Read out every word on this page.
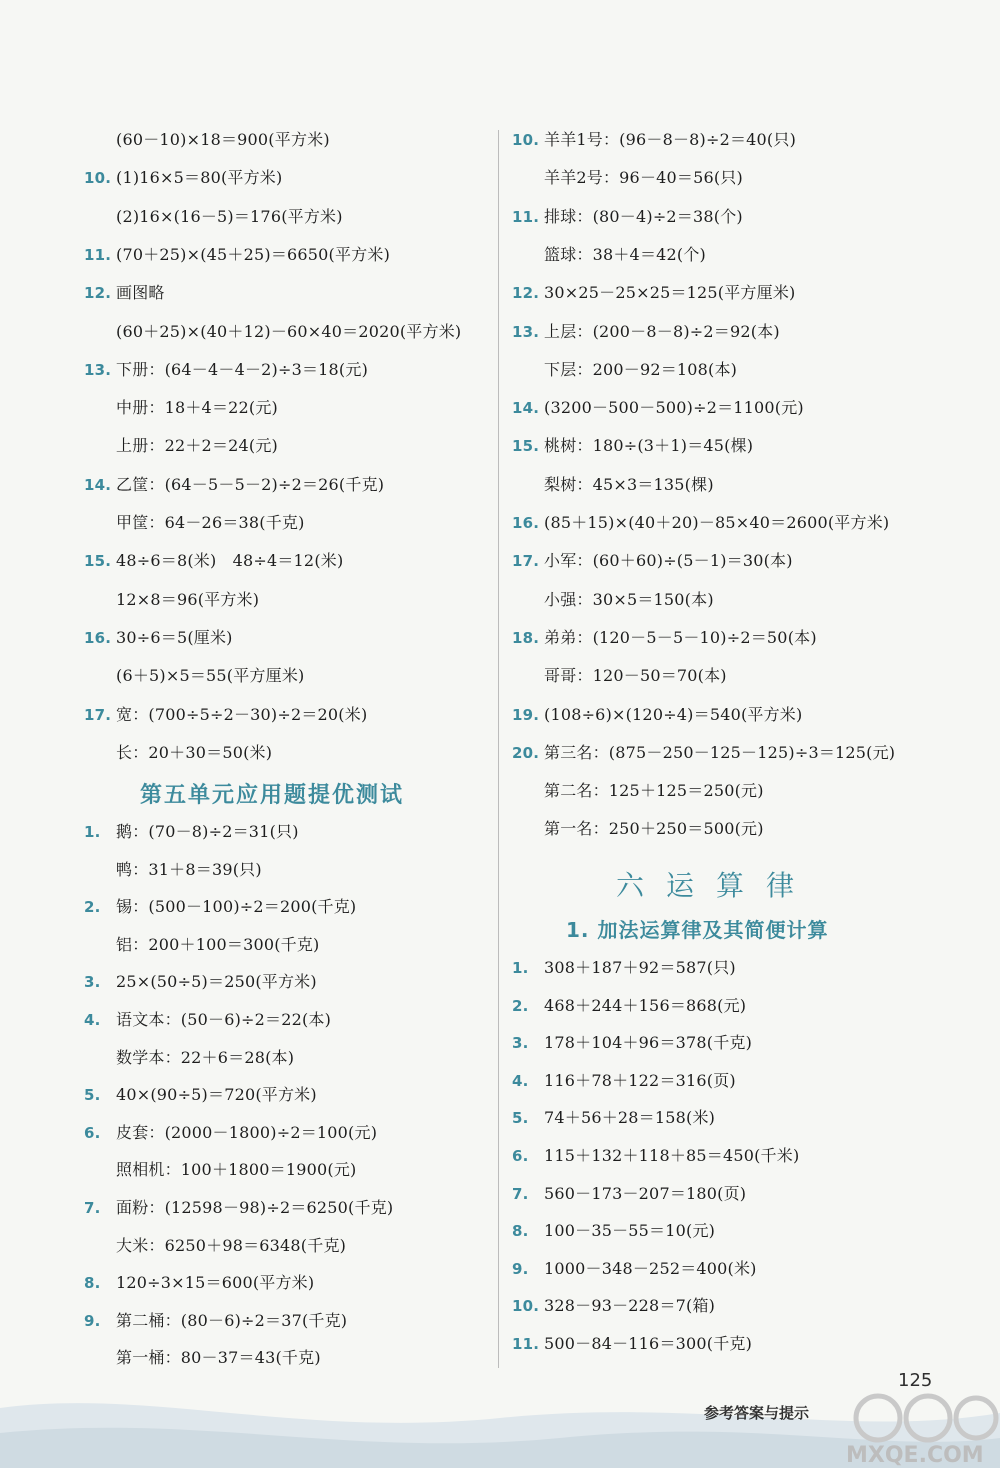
(60－10)×18＝900(平方米)
10. (1)16×5＝80(平方米)
(2)16×(16－5)＝176(平方米)
11. (70＋25)×(45＋25)＝6650(平方米)
12. 画图略
(60＋25)×(40＋12)－60×40＝2020(平方米)
13. 下册：(64－4－4－2)÷3＝18(元)
中册：18＋4＝22(元)
上册：22＋2＝24(元)
14. 乙筐：(64－5－5－2)÷2＝26(千克)
甲筐：64－26＝38(千克)
15. 48÷6＝8(米)　48÷4＝12(米)
12×8＝96(平方米)
16. 30÷6＝5(厘米)
(6＋5)×5＝55(平方厘米)
17. 宽：(700÷5÷2－30)÷2＝20(米)
长：20＋30＝50(米)
1. 鹅：(70－8)÷2＝31(只)
鸭：31＋8＝39(只)
2. 锡：(500－100)÷2＝200(千克)
铝：200＋100＝300(千克)
3. 25×(50÷5)＝250(平方米)
4. 语文本：(50－6)÷2＝22(本)
数学本：22＋6＝28(本)
5. 40×(90÷5)＝720(平方米)
6. 皮套：(2000－1800)÷2＝100(元)
照相机：100＋1800＝1900(元)
7. 面粉：(12598－98)÷2＝6250(千克)
大米：6250＋98＝6348(千克)
8. 120÷3×15＝600(平方米)
9. 第二桶：(80－6)÷2＝37(千克)
第一桶：80－37＝43(千克)
第五单元应用题提优测试
10. 羊羊1号：(96－8－8)÷2＝40(只)
羊羊2号：96－40＝56(只)
11. 排球：(80－4)÷2＝38(个)
篮球：38＋4＝42(个)
12. 30×25－25×25＝125(平方厘米)
13. 上层：(200－8－8)÷2＝92(本)
下层：200－92＝108(本)
14. (3200－500－500)÷2＝1100(元)
15. 桃树：180÷(3＋1)＝45(棵)
梨树：45×3＝135(棵)
16. (85＋15)×(40＋20)－85×40＝2600(平方米)
17. 小军：(60＋60)÷(5－1)＝30(本)
小强：30×5＝150(本)
18. 弟弟：(120－5－5－10)÷2＝50(本)
哥哥：120－50＝70(本)
19. (108÷6)×(120÷4)＝540(平方米)
20. 第三名：(875－250－125－125)÷3＝125(元)
第二名：125＋125＝250(元)
第一名：250＋250＝500(元)
1. 308＋187＋92＝587(只)
2. 468＋244＋156＝868(元)
3. 178＋104＋96＝378(千克)
4. 116＋78＋122＝316(页)
5. 74＋56＋28＝158(米)
6. 115＋132＋118＋85＝450(千米)
7. 560－173－207＝180(页)
8. 100－35－55＝10(元)
9. 1000－348－252＝400(米)
10. 328－93－228＝7(箱)
11. 500－84－116＝300(千克)
六运算律
1. 加法运算律及其简便计算
125
参考答案与提示
MXQE.COM
